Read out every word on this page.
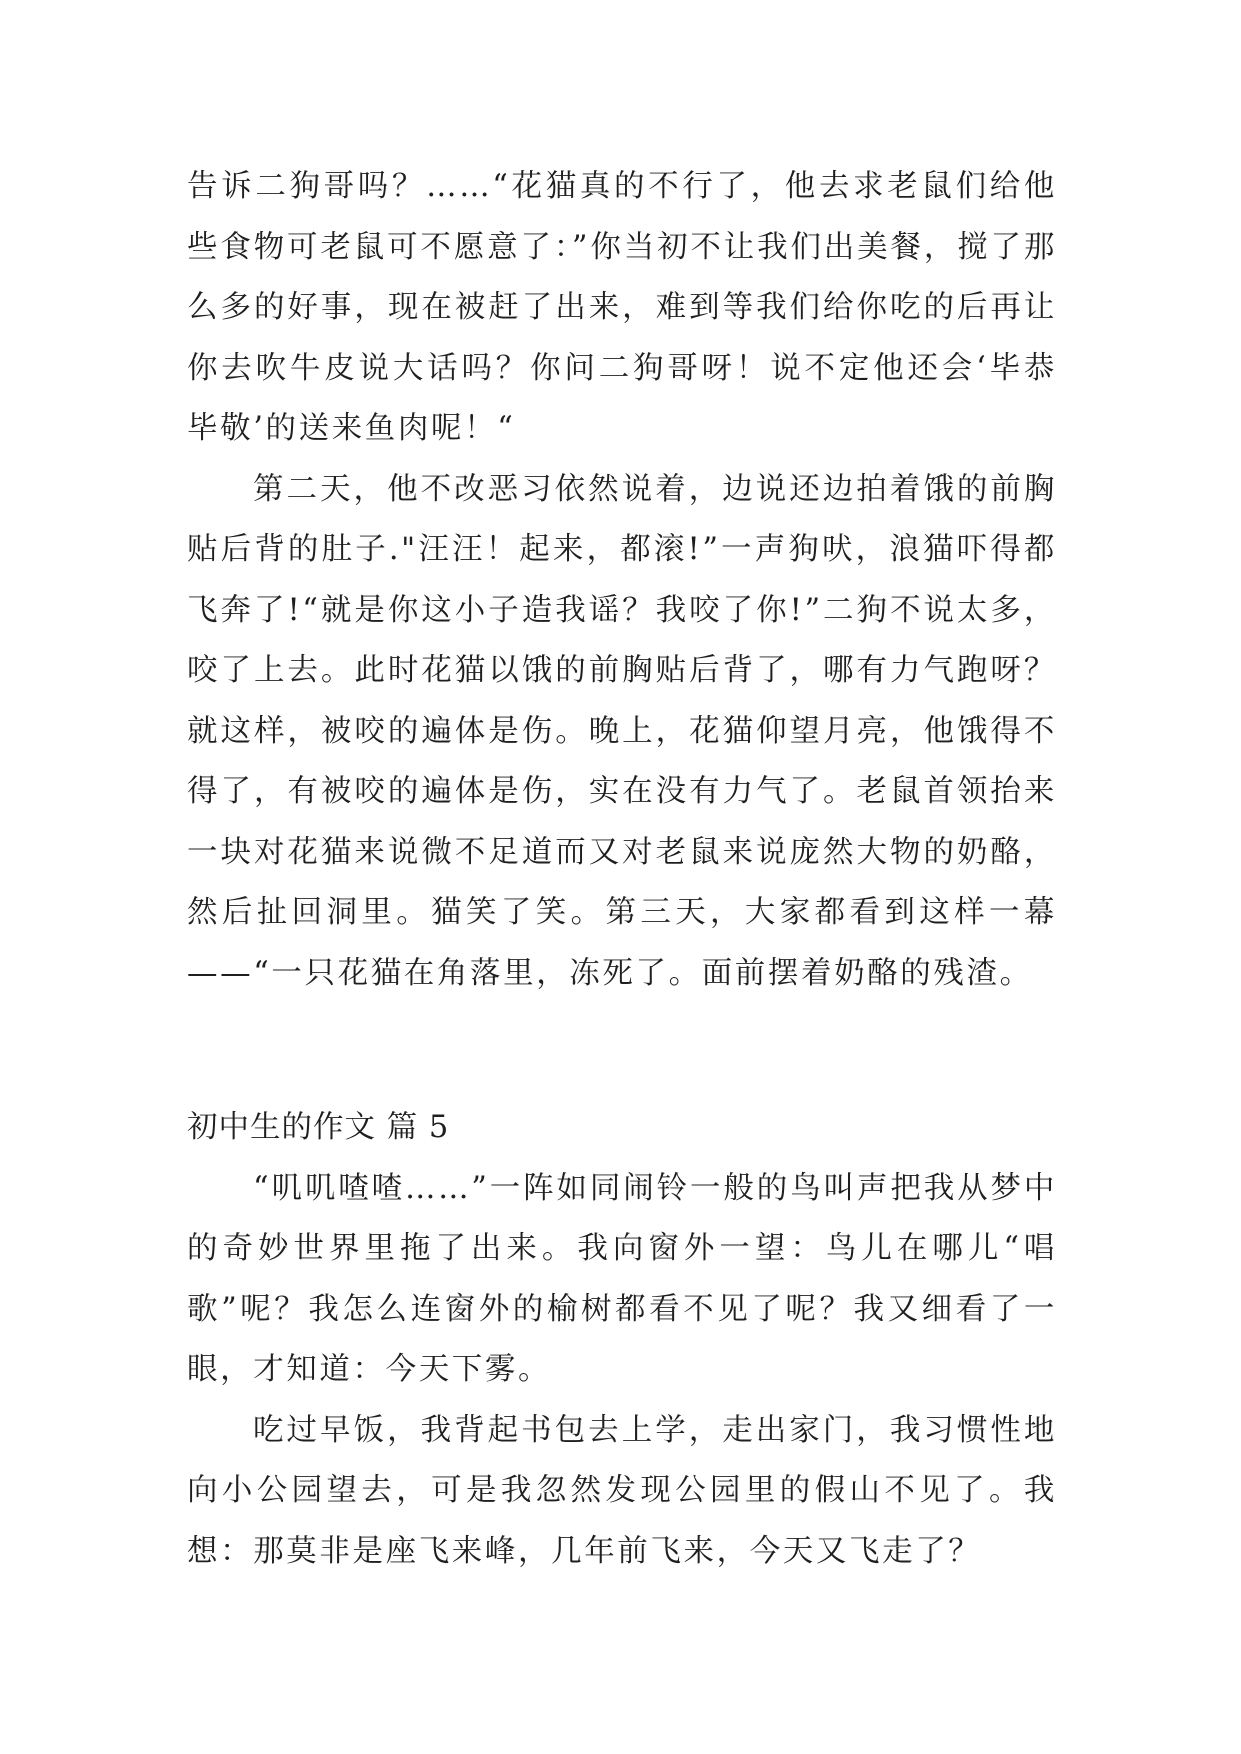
告诉二狗哥吗？……“花猫真的不行了，他去求老鼠们给他些食物可老鼠可不愿意了：”你当初不让我们出美餐，搅了那么多的好事，现在被赶了出来，难到等我们给你吃的后再让你去吹牛皮说大话吗？你问二狗哥呀！说不定他还会‘毕恭毕敬’的送来鱼肉呢！“

第二天，他不改恶习依然说着，边说还边拍着饿的前胸贴后背的肚子."汪汪！起来，都滚!”一声狗吠，浪猫吓得都飞奔了!“就是你这小子造我谣？我咬了你!”二狗不说太多，咬了上去。此时花猫以饿的前胸贴后背了，哪有力气跑呀？就这样，被咬的遍体是伤。晚上，花猫仰望月亮，他饿得不得了，有被咬的遍体是伤，实在没有力气了。老鼠首领抬来一块对花猫来说微不足道而又对老鼠来说庞然大物的奶酪，然后扯回洞里。猫笑了笑。第三天，大家都看到这样一幕——“一只花猫在角落里，冻死了。面前摆着奶酪的残渣。

初中生的作文 篇 5

“叽叽喳喳……”一阵如同闹铃一般的鸟叫声把我从梦中的奇妙世界里拖了出来。我向窗外一望：鸟儿在哪儿“唱歌”呢？我怎么连窗外的榆树都看不见了呢？我又细看了一眼，才知道：今天下雾。

吃过早饭，我背起书包去上学，走出家门，我习惯性地向小公园望去，可是我忽然发现公园里的假山不见了。我想：那莫非是座飞来峰，几年前飞来，今天又飞走了？
